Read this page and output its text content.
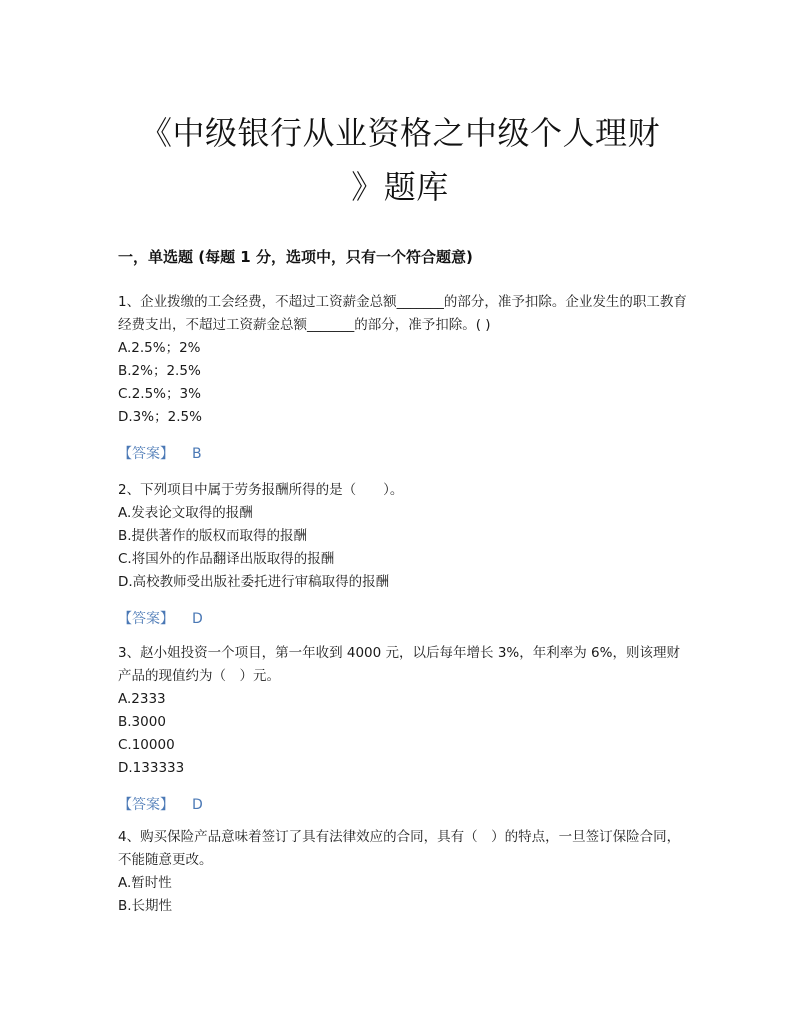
《中级银行从业资格之中级个人理财
》题库
一，单选题 (每题 1 分，选项中，只有一个符合题意)
1、企业拨缴的工会经费，不超过工资薪金总额_______的部分，准予扣除。企业发生的职工教育经费支出，不超过工资薪金总额_______的部分，准予扣除。( )
A.2.5%；2%
B.2%；2.5%
C.2.5%；3%
D.3%；2.5%
【答案】 B
2、下列项目中属于劳务报酬所得的是（　　）。
A.发表论文取得的报酬
B.提供著作的版权而取得的报酬
C.将国外的作品翻译出版取得的报酬
D.高校教师受出版社委托进行审稿取得的报酬
【答案】 D
3、赵小姐投资一个项目，第一年收到 4000 元，以后每年增长 3%，年利率为 6%，则该理财产品的现值约为（　）元。
A.2333
B.3000
C.10000
D.133333
【答案】 D
4、购买保险产品意味着签订了具有法律效应的合同，具有（　）的特点，一旦签订保险合同，不能随意更改。
A.暂时性
B.长期性
